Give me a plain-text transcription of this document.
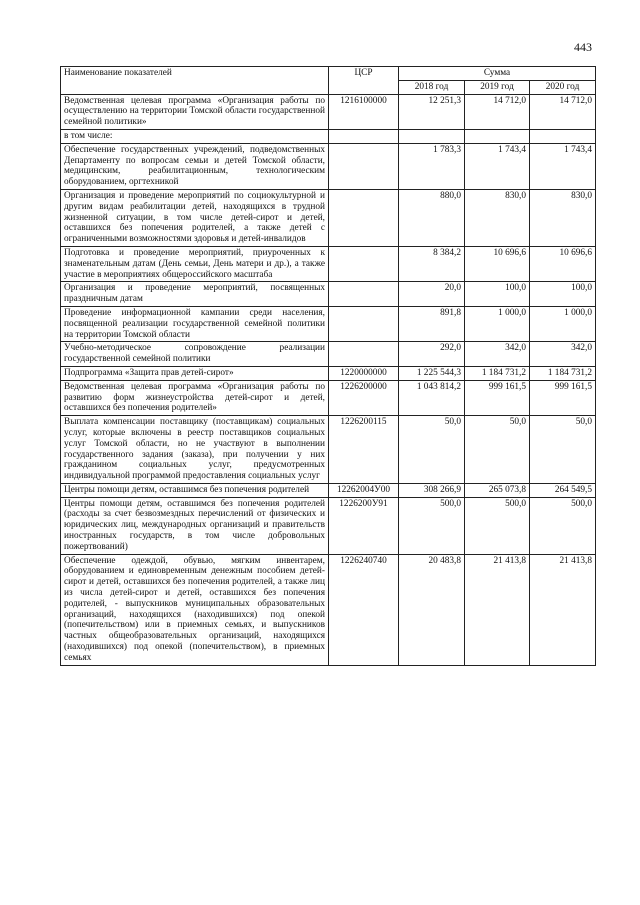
443
Наименование показателей	ЦСР	Сумма		
		2018 год	2019 год	2020 год
Ведомственная целевая программа «Организация работы по осуществлению на территории Томской области государственной семейной политики»	1216100000	12 251,3	14 712,0	14 712,0
в том числе:				
Обеспечение государственных учреждений, подведомственных Департаменту по вопросам семьи и детей Томской области, медицинским, реабилитационным, технологическим оборудованием, оргтехникой		1 783,3	1 743,4	1 743,4
Организация и проведение мероприятий по социокультурной и другим видам реабилитации детей, находящихся в трудной жизненной ситуации, в том числе детей-сирот и детей, оставшихся без попечения родителей, а также детей с ограниченными возможностями здоровья и детей-инвалидов		880,0	830,0	830,0
Подготовка и проведение мероприятий, приуроченных к знаменательным датам (День семьи, День матери и др.), а также участие в мероприятиях общероссийского масштаба		8 384,2	10 696,6	10 696,6
Организация и проведение мероприятий, посвященных праздничным датам		20,0	100,0	100,0
Проведение информационной кампании среди населения, посвященной реализации государственной семейной политики на территории Томской области		891,8	1 000,0	1 000,0
Учебно-методическое сопровождение реализации государственной семейной политики		292,0	342,0	342,0
Подпрограмма «Защита прав детей-сирот»	1220000000	1 225 544,3	1 184 731,2	1 184 731,2
Ведомственная целевая программа «Организация работы по развитию форм жизнеустройства детей-сирот и детей, оставшихся без попечения родителей»	1226200000	1 043 814,2	999 161,5	999 161,5
Выплата компенсации поставщику (поставщикам) социальных услуг, которые включены в реестр поставщиков социальных услуг Томской области, но не участвуют в выполнении государственного задания (заказа), при получении у них гражданином социальных услуг, предусмотренных индивидуальной программой предоставления социальных услуг	1226200115	50,0	50,0	50,0
Центры помощи детям, оставшимся без попечения родителей	12262004У00	308 266,9	265 073,8	264 549,5
Центры помощи детям, оставшимся без попечения родителей (расходы за счет безвозмездных перечислений от физических и юридических лиц, международных организаций и правительств иностранных государств, в том числе добровольных пожертвований)	1226200У91	500,0	500,0	500,0
Обеспечение одеждой, обувью, мягким инвентарем, оборудованием и единовременным денежным пособием детей-сирот и детей, оставшихся без попечения родителей, а также лиц из числа детей-сирот и детей, оставшихся без попечения родителей, - выпускников муниципальных образовательных организаций, находящихся (находившихся) под опекой (попечительством) или в приемных семьях, и выпускников частных общеобразовательных организаций, находящихся (находившихся) под опекой (попечительством), в приемных семьях	1226240740	20 483,8	21 413,8	21 413,8
